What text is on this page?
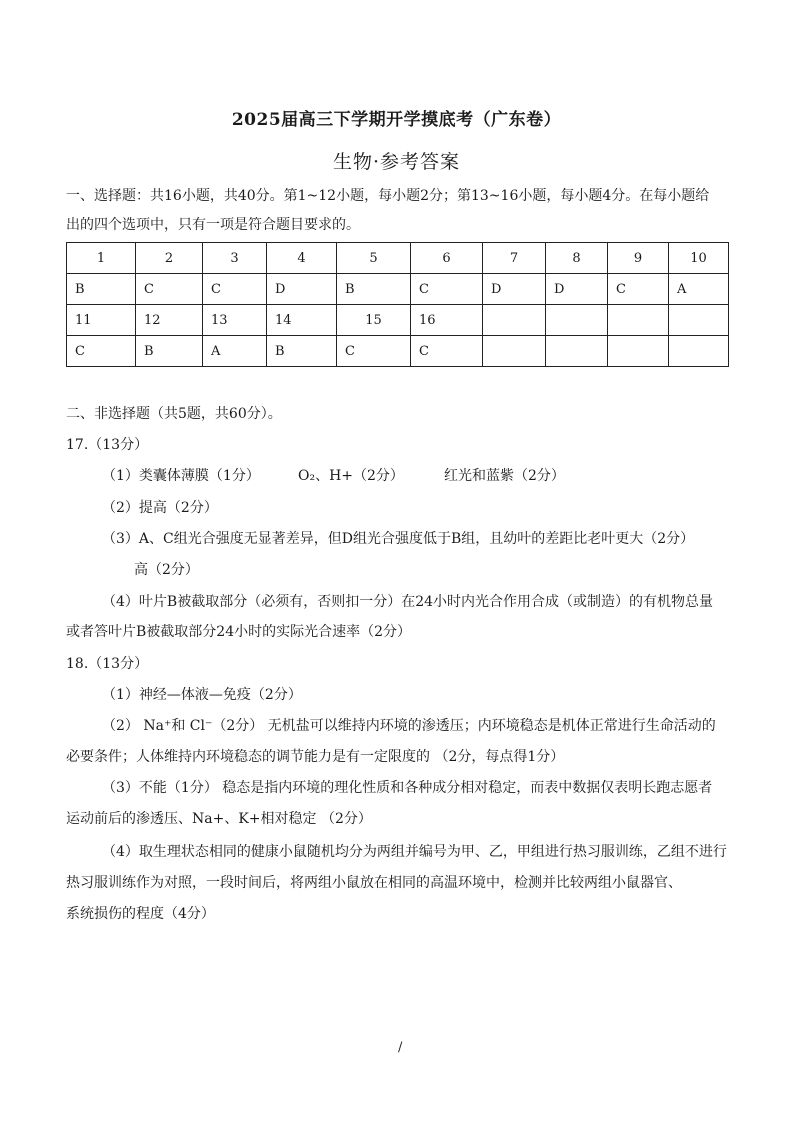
2025届高三下学期开学摸底考（广东卷）
生物·参考答案
一、选择题：共16小题，共40分。第1~12小题，每小题2分；第13~16小题，每小题4分。在每小题给
出的四个选项中，只有一项是符合题目要求的。
1	2	3	4	5	6	7	8	9	10
B	C	C	D	B	C	D	D	C	A
11	12	13	14	15	16				
C	B	A	B	C	C				
二、非选择题（共5题，共60分）。
17.（13分）
（1）类囊体薄膜（1分）	O₂、H+（2分）	红光和蓝紫（2分）
（2）提高（2分）
（3）A、C组光合强度无显著差异，但D组光合强度低于B组，且幼叶的差距比老叶更大（2分）
高（2分）
（4）叶片B被截取部分（必须有，否则扣一分）在24小时内光合作用合成（或制造）的有机物总量
或者答叶片B被截取部分24小时的实际光合速率（2分）
18.（13分）
（1）神经—体液—免疫（2分）
（2） Na⁺和 Cl⁻（2分） 无机盐可以维持内环境的渗透压；内环境稳态是机体正常进行生命活动的
必要条件；人体维持内环境稳态的调节能力是有一定限度的 （2分，每点得1分）
（3）不能（1分） 稳态是指内环境的理化性质和各种成分相对稳定，而表中数据仅表明长跑志愿者
运动前后的渗透压、Na+、K+相对稳定 （2分）
（4）取生理状态相同的健康小鼠随机均分为两组并编号为甲、乙，甲组进行热习服训练，乙组不进行
热习服训练作为对照，一段时间后，将两组小鼠放在相同的高温环境中，检测并比较两组小鼠器官、
系统损伤的程度（4分）
/
